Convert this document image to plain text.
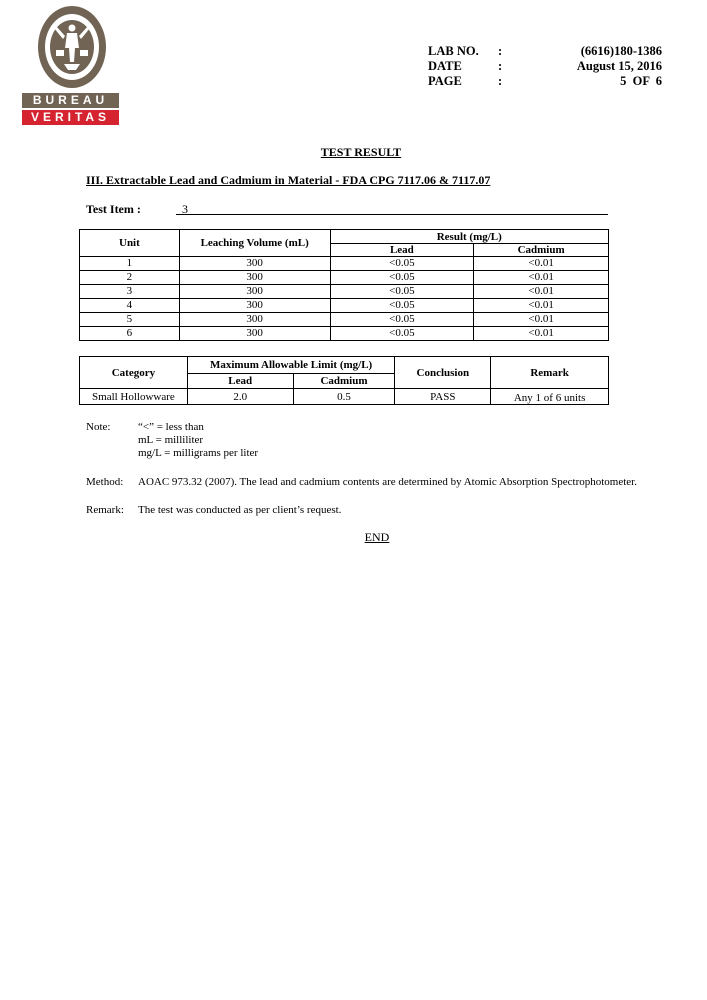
BUREAU
VERITAS
LAB NO. :	(6616)180-1386
DATE	:	August 15, 2016
PAGE	:	5  OF  6
TEST RESULT
III. Extractable Lead and Cadmium in Material - FDA CPG 7117.06 & 7117.07
Test Item :	3
Unit	Leaching Volume (mL)	Result (mg/L)	
		Lead	Cadmium
1	300	<0.05	<0.01
2	300	<0.05	<0.01
3	300	<0.05	<0.01
4	300	<0.05	<0.01
5	300	<0.05	<0.01
6	300	<0.05	<0.01
Category	Maximum Allowable Limit (mg/L)		Conclusion	Remark
	Lead	Cadmium		
Small Hollowware	2.0	0.5	PASS	Any 1 of 6 units
Note:	“<” = less than
mL = milliliter
mg/L = milligrams per liter
Method: AOAC 973.32 (2007). The lead and cadmium contents are determined by Atomic Absorption Spectrophotometer.
Remark: The test was conducted as per client’s request.
END
